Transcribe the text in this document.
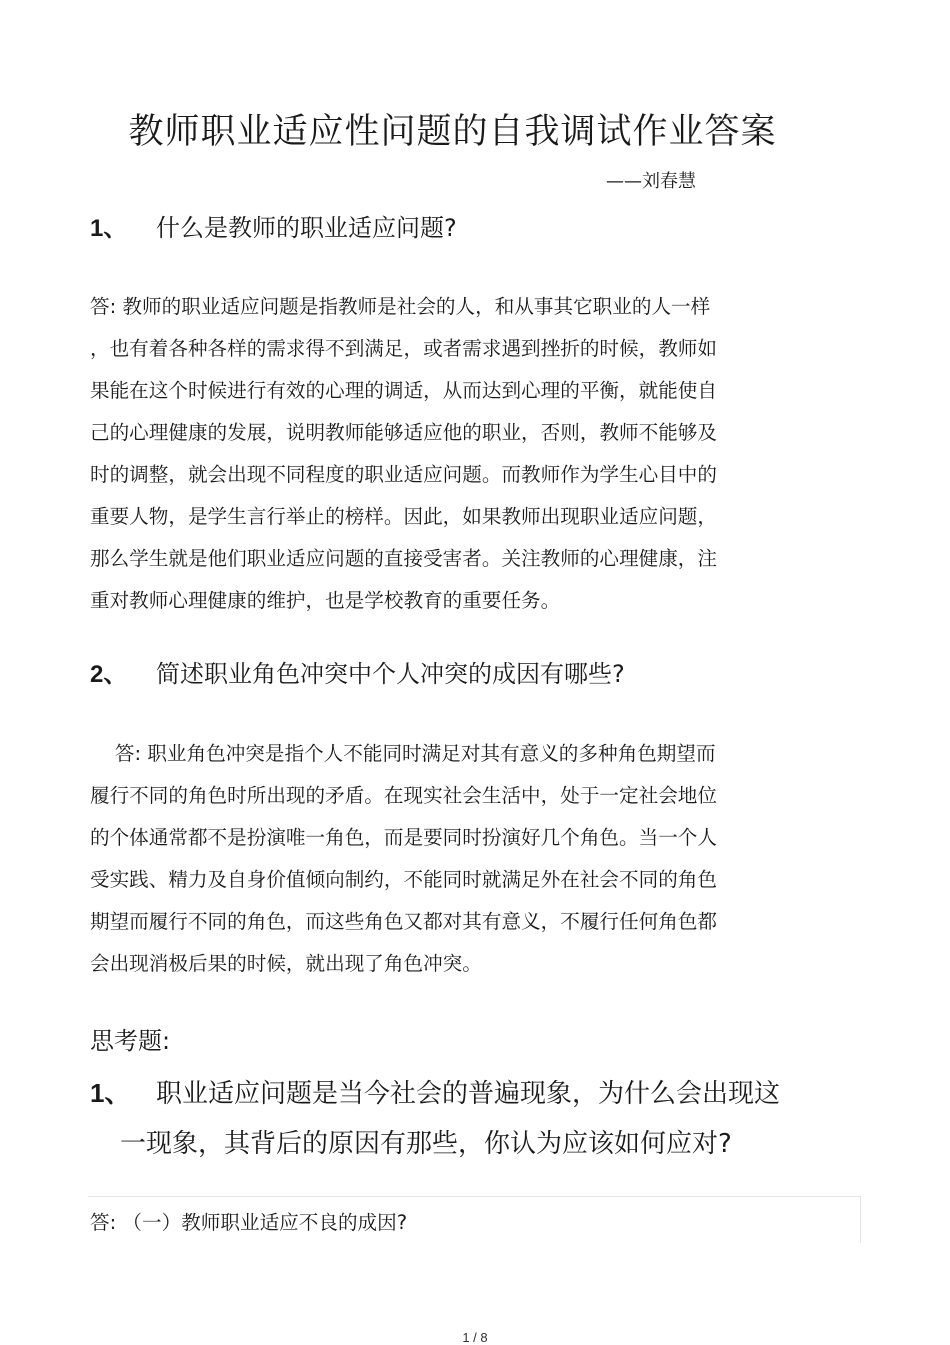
教师职业适应性问题的自我调试作业答案
——刘春慧
1、 什么是教师的职业适应问题?
答: 教师的职业适应问题是指教师是社会的人，和从事其它职业的人一样
，也有着各种各样的需求得不到满足，或者需求遇到挫折的时候，教师如
果能在这个时候进行有效的心理的调适，从而达到心理的平衡，就能使自
己的心理健康的发展，说明教师能够适应他的职业，否则，教师不能够及
时的调整，就会出现不同程度的职业适应问题。而教师作为学生心目中的
重要人物，是学生言行举止的榜样。因此，如果教师出现职业适应问题，
那么学生就是他们职业适应问题的直接受害者。关注教师的心理健康，注
重对教师心理健康的维护，也是学校教育的重要任务。
2、 简述职业角色冲突中个人冲突的成因有哪些?
答: 职业角色冲突是指个人不能同时满足对其有意义的多种角色期望而
履行不同的角色时所出现的矛盾。在现实社会生活中，处于一定社会地位
的个体通常都不是扮演唯一角色，而是要同时扮演好几个角色。当一个人
受实践、精力及自身价值倾向制约，不能同时就满足外在社会不同的角色
期望而履行不同的角色，而这些角色又都对其有意义，不履行任何角色都
会出现消极后果的时候，就出现了角色冲突。
思考题:
1、 职业适应问题是当今社会的普遍现象，为什么会出现这
一现象，其背后的原因有那些，你认为应该如何应对?
答: （一）教师职业适应不良的成因?
1 / 8
